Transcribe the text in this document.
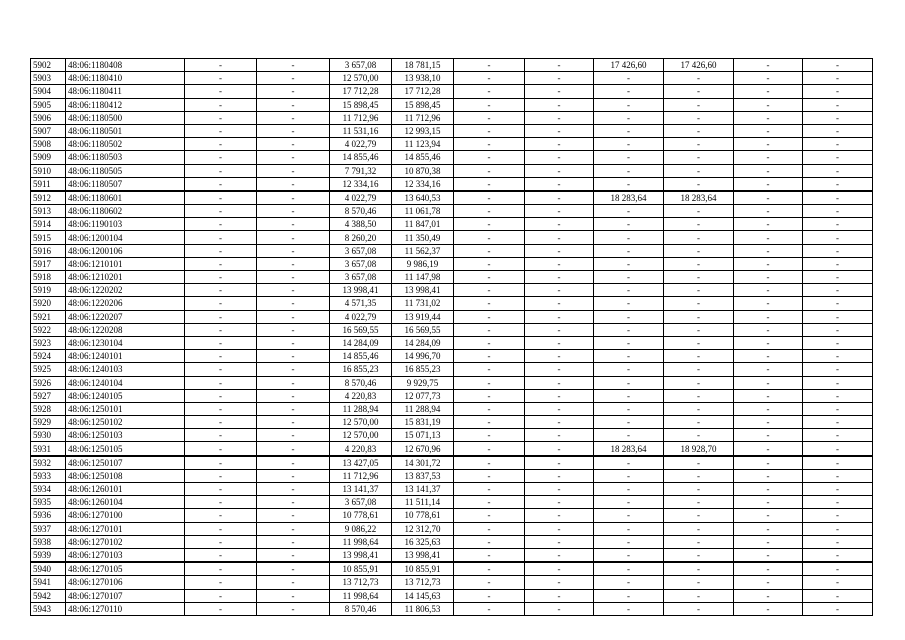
5902	48:06:1180408	-	-	3 657,08	18 781,15	-	-	17 426,60	17 426,60	-	-
5903	48:06:1180410	-	-	12 570,00	13 938,10	-	-	-	-	-	-
5904	48:06:1180411	-	-	17 712,28	17 712,28	-	-	-	-	-	-
5905	48:06:1180412	-	-	15 898,45	15 898,45	-	-	-	-	-	-
5906	48:06:1180500	-	-	11 712,96	11 712,96	-	-	-	-	-	-
5907	48:06:1180501	-	-	11 531,16	12 993,15	-	-	-	-	-	-
5908	48:06:1180502	-	-	4 022,79	11 123,94	-	-	-	-	-	-
5909	48:06:1180503	-	-	14 855,46	14 855,46	-	-	-	-	-	-
5910	48:06:1180505	-	-	7 791,32	10 870,38	-	-	-	-	-	-
5911	48:06:1180507	-	-	12 334,16	12 334,16	-	-	-	-	-	-
5912	48:06:1180601	-	-	4 022,79	13 640,53	-	-	18 283,64	18 283,64	-	-
5913	48:06:1180602	-	-	8 570,46	11 061,78	-	-	-	-	-	-
5914	48:06:1190103	-	-	4 388,50	11 847,01	-	-	-	-	-	-
5915	48:06:1200104	-	-	8 260,20	11 350,49	-	-	-	-	-	-
5916	48:06:1200106	-	-	3 657,08	11 562,37	-	-	-	-	-	-
5917	48:06:1210101	-	-	3 657,08	9 986,19	-	-	-	-	-	-
5918	48:06:1210201	-	-	3 657,08	11 147,98	-	-	-	-	-	-
5919	48:06:1220202	-	-	13 998,41	13 998,41	-	-	-	-	-	-
5920	48:06:1220206	-	-	4 571,35	11 731,02	-	-	-	-	-	-
5921	48:06:1220207	-	-	4 022,79	13 919,44	-	-	-	-	-	-
5922	48:06:1220208	-	-	16 569,55	16 569,55	-	-	-	-	-	-
5923	48:06:1230104	-	-	14 284,09	14 284,09	-	-	-	-	-	-
5924	48:06:1240101	-	-	14 855,46	14 996,70	-	-	-	-	-	-
5925	48:06:1240103	-	-	16 855,23	16 855,23	-	-	-	-	-	-
5926	48:06:1240104	-	-	8 570,46	9 929,75	-	-	-	-	-	-
5927	48:06:1240105	-	-	4 220,83	12 077,73	-	-	-	-	-	-
5928	48:06:1250101	-	-	11 288,94	11 288,94	-	-	-	-	-	-
5929	48:06:1250102	-	-	12 570,00	15 831,19	-	-	-	-	-	-
5930	48:06:1250103	-	-	12 570,00	15 071,13	-	-	-	-	-	-
5931	48:06:1250105	-	-	4 220,83	12 670,96	-	-	18 283,64	18 928,70	-	-
5932	48:06:1250107	-	-	13 427,05	14 301,72	-	-	-	-	-	-
5933	48:06:1250108	-	-	11 712,96	13 837,53	-	-	-	-	-	-
5934	48:06:1260101	-	-	13 141,37	13 141,37	-	-	-	-	-	-
5935	48:06:1260104	-	-	3 657,08	11 511,14	-	-	-	-	-	-
5936	48:06:1270100	-	-	10 778,61	10 778,61	-	-	-	-	-	-
5937	48:06:1270101	-	-	9 086,22	12 312,70	-	-	-	-	-	-
5938	48:06:1270102	-	-	11 998,64	16 325,63	-	-	-	-	-	-
5939	48:06:1270103	-	-	13 998,41	13 998,41	-	-	-	-	-	-
5940	48:06:1270105	-	-	10 855,91	10 855,91	-	-	-	-	-	-
5941	48:06:1270106	-	-	13 712,73	13 712,73	-	-	-	-	-	-
5942	48:06:1270107	-	-	11 998,64	14 145,63	-	-	-	-	-	-
5943	48:06:1270110	-	-	8 570,46	11 806,53	-	-	-	-	-	-
